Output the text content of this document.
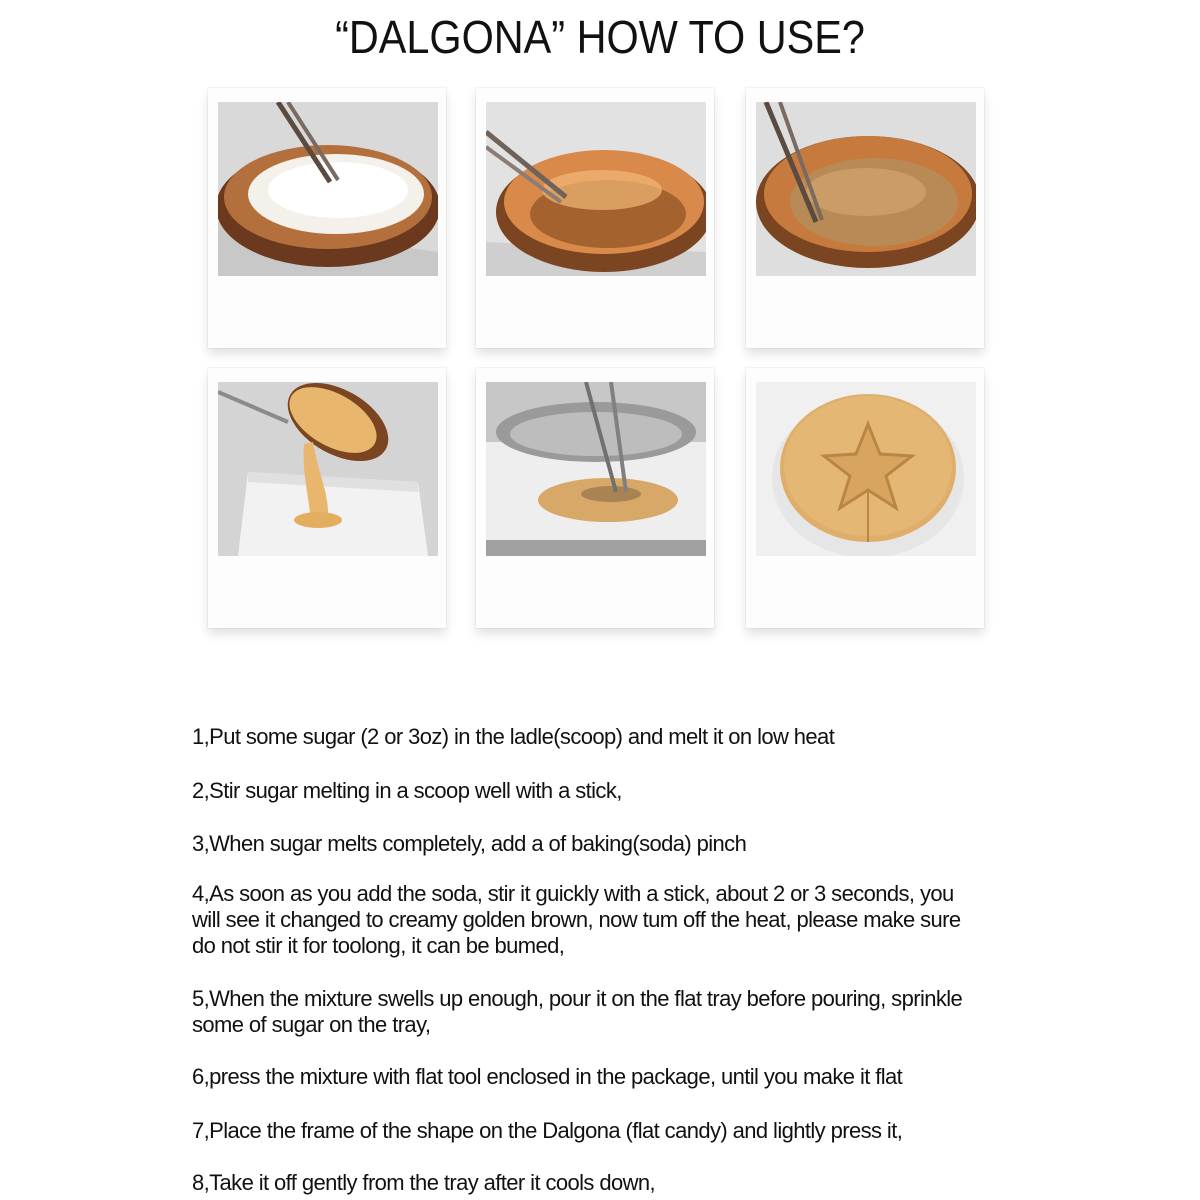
“DALGONA” HOW TO USE?
1,Put some sugar (2 or 3oz) in the ladle(scoop) and melt it on low heat
2,Stir sugar melting in a scoop well with a stick,
3,When sugar melts completely, add a of baking(soda) pinch
4,As soon as you add the soda, stir it guickly with a stick, about 2 or 3 seconds, you
will see it changed to creamy golden brown, now tum off the heat, please make sure
do not stir it for toolong, it can be bumed,
5,When the mixture swells up enough, pour it on the flat tray before pouring, sprinkle
some of sugar on the tray,
6,press the mixture with flat tool enclosed in the package, until you make it flat
7,Place the frame of the shape on the Dalgona (flat candy) and lightly press it,
8,Take it off gently from the tray after it cools down,
